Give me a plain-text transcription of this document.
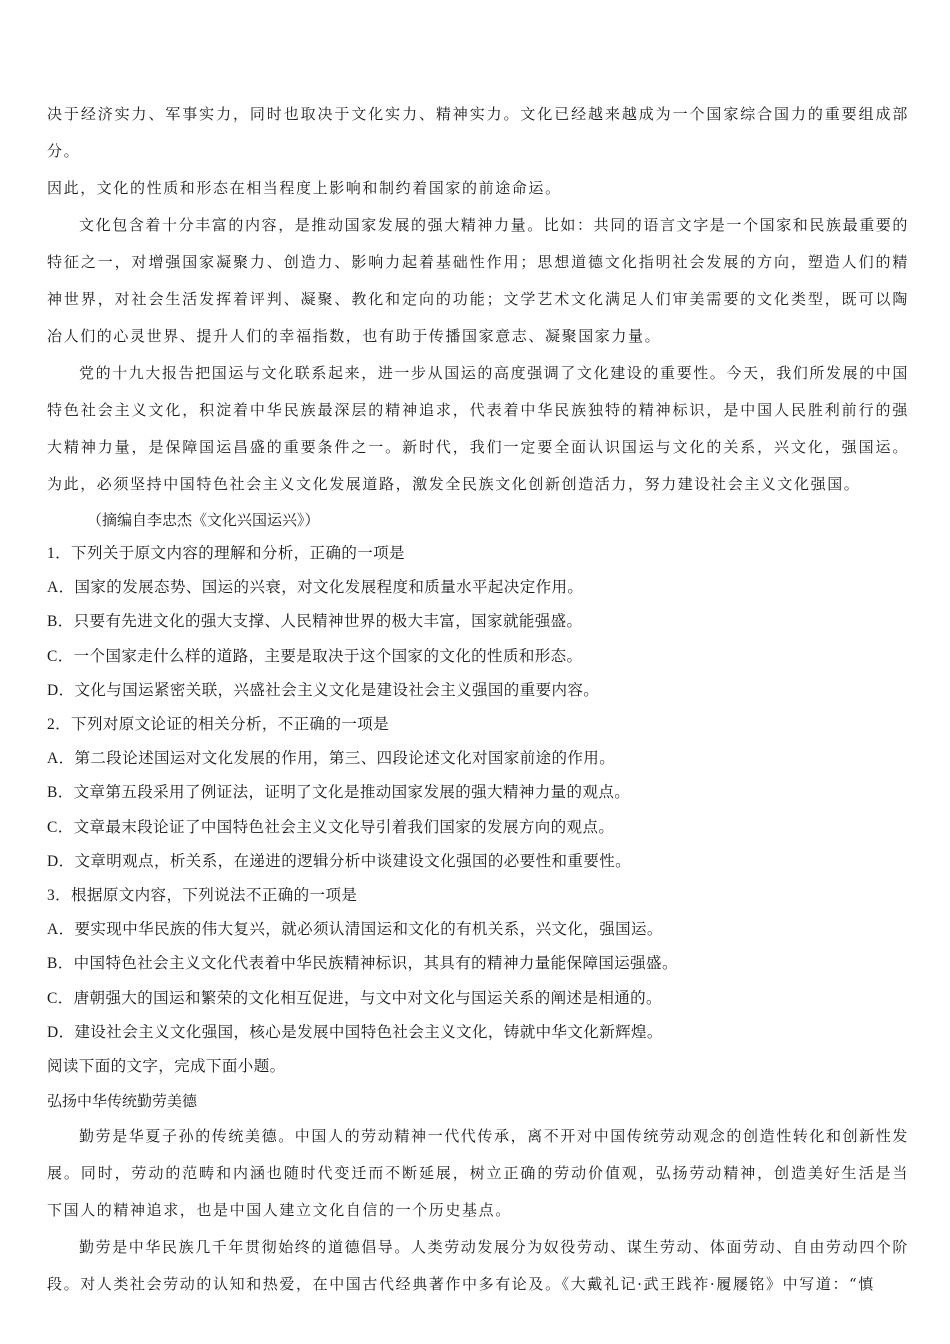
决于经济实力、军事实力，同时也取决于文化实力、精神实力。文化已经越来越成为一个国家综合国力的重要组成部分。

因此，文化的性质和形态在相当程度上影响和制约着国家的前途命运。

文化包含着十分丰富的内容，是推动国家发展的强大精神力量。比如：共同的语言文字是一个国家和民族最重要的特征之一，对增强国家凝聚力、创造力、影响力起着基础性作用；思想道德文化指明社会发展的方向，塑造人们的精神世界，对社会生活发挥着评判、凝聚、教化和定向的功能；文学艺术文化满足人们审美需要的文化类型，既可以陶冶人们的心灵世界、提升人们的幸福指数，也有助于传播国家意志、凝聚国家力量。

党的十九大报告把国运与文化联系起来，进一步从国运的高度强调了文化建设的重要性。今天，我们所发展的中国特色社会主义文化，积淀着中华民族最深层的精神追求，代表着中华民族独特的精神标识，是中国人民胜利前行的强大精神力量，是保障国运昌盛的重要条件之一。新时代，我们一定要全面认识国运与文化的关系，兴文化，强国运。为此，必须坚持中国特色社会主义文化发展道路，激发全民族文化创新创造活力，努力建设社会主义文化强国。

（摘编自李忠杰《文化兴国运兴》）

1．下列关于原文内容的理解和分析，正确的一项是

A．国家的发展态势、国运的兴衰，对文化发展程度和质量水平起决定作用。

B．只要有先进文化的强大支撑、人民精神世界的极大丰富，国家就能强盛。

C．一个国家走什么样的道路，主要是取决于这个国家的文化的性质和形态。

D．文化与国运紧密关联，兴盛社会主义文化是建设社会主义强国的重要内容。

2．下列对原文论证的相关分析，不正确的一项是

A．第二段论述国运对文化发展的作用，第三、四段论述文化对国家前途的作用。

B．文章第五段采用了例证法，证明了文化是推动国家发展的强大精神力量的观点。

C．文章最末段论证了中国特色社会主义文化导引着我们国家的发展方向的观点。

D．文章明观点，析关系，在递进的逻辑分析中谈建设文化强国的必要性和重要性。

3．根据原文内容，下列说法不正确的一项是

A．要实现中华民族的伟大复兴，就必须认清国运和文化的有机关系，兴文化，强国运。

B．中国特色社会主义文化代表着中华民族精神标识，其具有的精神力量能保障国运强盛。

C．唐朝强大的国运和繁荣的文化相互促进，与文中对文化与国运关系的阐述是相通的。

D．建设社会主义文化强国，核心是发展中国特色社会主义文化，铸就中华文化新辉煌。

阅读下面的文字，完成下面小题。

弘扬中华传统勤劳美德

勤劳是华夏子孙的传统美德。中国人的劳动精神一代代传承，离不开对中国传统劳动观念的创造性转化和创新性发展。同时，劳动的范畴和内涵也随时代变迁而不断延展，树立正确的劳动价值观，弘扬劳动精神，创造美好生活是当下国人的精神追求，也是中国人建立文化自信的一个历史基点。

勤劳是中华民族几千年贯彻始终的道德倡导。人类劳动发展分为奴役劳动、谋生劳动、体面劳动、自由劳动四个阶段。对人类社会劳动的认知和热爱，在中国古代经典著作中多有论及。《大戴礼记·武王践祚·履屦铭》中写道：“慎
